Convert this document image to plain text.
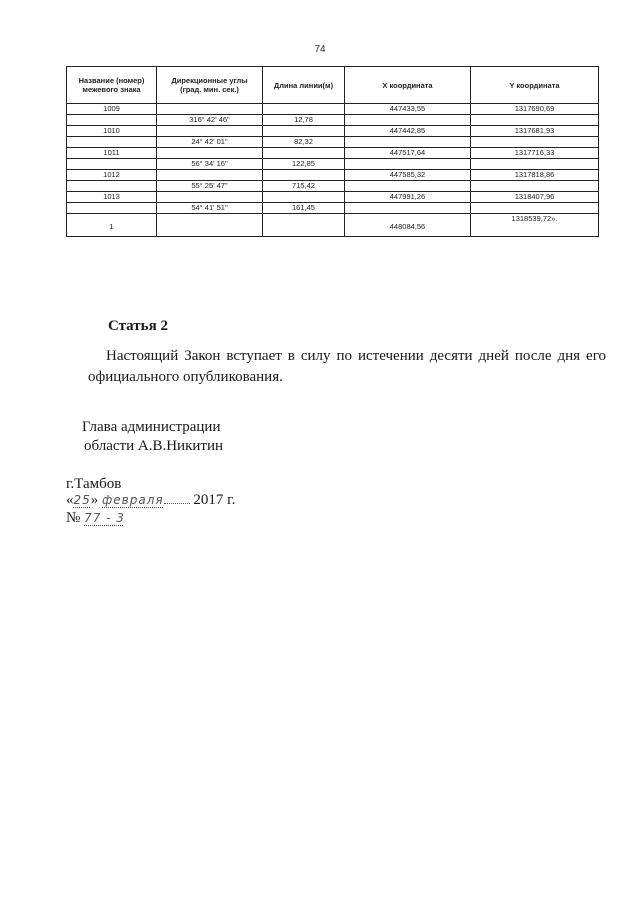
74
Название (номер) межевого знака	Дирекционные углы (град. мин. сек.)	Длина линии(м)	X координата	Y координата
1009			447433,55	1317690,69
	316° 42' 46"	12,78		
1010			447442,85	1317681,93
	24° 42' 01"	82,32		
1011			447517,64	1317716,33
	56° 34' 16"	122,85		
1012			447585,32	1317818,86
	55° 25' 47"	715,42		
1013			447991,26	1318407,96
	54° 41' 51"	161,45		
1			448084,56	1318539,72».
Статья 2
Настоящий Закон вступает в силу по истечении десяти дней после дня его официального опубликования.
Глава администрации
области А.В.Никитин
г.Тамбов
«25» февраля 2017 г.
№ 77 - 3
